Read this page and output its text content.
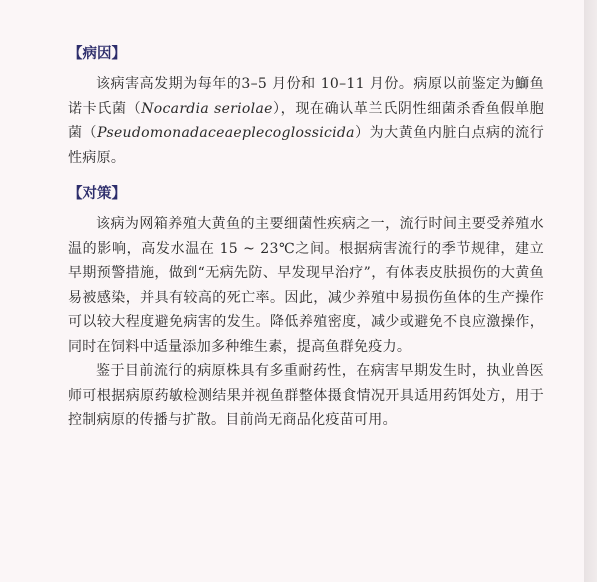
【病因】

该病害高发期为每年的3–5 月份和 10–11 月份。病原以前鉴定为鰤鱼诺卡氏菌（Nocardia seriolae），现在确认革兰氏阴性细菌杀香鱼假单胞菌（Pseudomonadaceaeplecoglossicida）为大黄鱼内脏白点病的流行性病原。

【对策】

该病为网箱养殖大黄鱼的主要细菌性疾病之一，流行时间主要受养殖水温的影响，高发水温在 15 ~ 23℃之间。根据病害流行的季节规律，建立早期预警措施，做到“无病先防、早发现早治疗”，有体表皮肤损伤的大黄鱼易被感染，并具有较高的死亡率。因此，减少养殖中易损伤鱼体的生产操作可以较大程度避免病害的发生。降低养殖密度，减少或避免不良应激操作，同时在饲料中适量添加多种维生素，提高鱼群免疫力。

鉴于目前流行的病原株具有多重耐药性，在病害早期发生时，执业兽医师可根据病原药敏检测结果并视鱼群整体摄食情况开具适用药饵处方，用于控制病原的传播与扩散。目前尚无商品化疫苗可用。
